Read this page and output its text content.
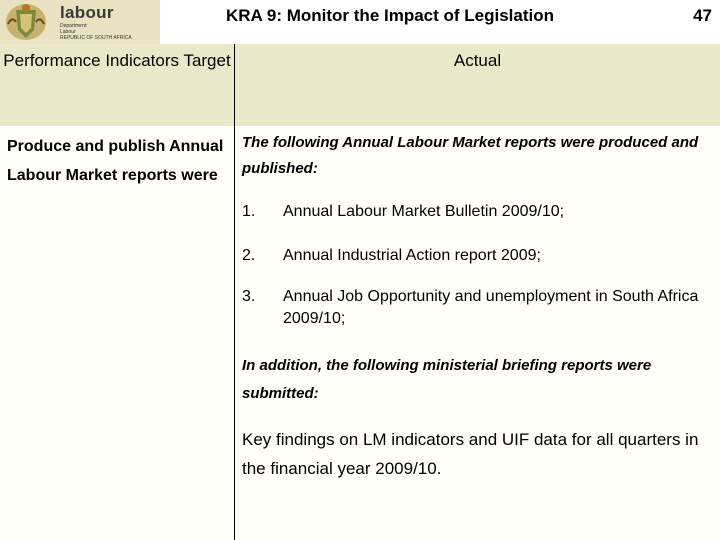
labour
Department:
Labour
REPUBLIC OF SOUTH AFRICA
KRA 9: Monitor the Impact of Legislation	47
Performance Indicators Target	Actual
Produce and publish Annual Labour Market reports were
The following Annual Labour Market reports were produced and published:
1.	Annual Labour Market Bulletin 2009/10;
2.	Annual Industrial Action report 2009;
3.	Annual Job Opportunity and unemployment in South Africa 2009/10;
In addition, the following ministerial briefing reports were submitted:
Key findings on LM indicators and UIF data for all quarters in the financial year 2009/10.
